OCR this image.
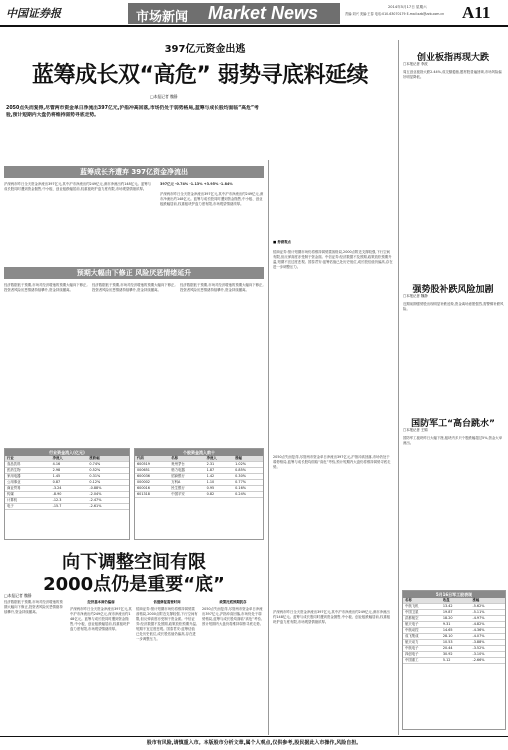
中国证券报	市场新闻 Market News	2014年5月17日 星期六
责编:刘兴 美编:王春 电话:010-63070179 E-mail:zzb@zzb.com.cn	A11
397亿元资金出逃
蓝筹成长双“高危” 弱势寻底料延续
□本报记者 魏静
2050点失而复得,尽管两市资金单日净流出397亿元,沪指冲高回落,市场仍处于弱势格局,蓝筹与成长股均面临“高危”考验,预计短期内大盘仍将维持弱势寻底走势。
蓝筹成长齐遭弃 397亿资金净流出
397亿元 -0.74% -1.13% +3.95% -1.84%
沪深两市昨日全天资金净流出397亿元,其中沪市净流出约249亿元,深市净流出约148亿元。蓝筹与成长股同时遭到资金抛售,中小板、创业板跌幅居前,权重板块护盘力度有限,市场观望情绪浓厚。
沪深两市昨日全天资金净流出397亿元,其中沪市净流出约249亿元,深市净流出约148亿元。蓝筹与成长股同时遭到资金抛售,中小板、创业板跌幅居前,权重板块护盘力度有限,市场观望情绪浓厚。
预期大幅由下修正 风险厌恶情绪延升
经济数据低于预期,市场对经济增速的预期大幅向下修正,投资者风险厌恶情绪持续攀升,资金持续撤离。
经济数据低于预期,市场对经济增速的预期大幅向下修正,投资者风险厌恶情绪持续攀升,资金持续撤离。
经济数据低于预期,市场对经济增速的预期大幅向下修正,投资者风险厌恶情绪持续攀升,资金持续撤离。
行业资金流入(亿元)
行业	净流入	涨跌幅
食品饮料	4.16	0.74%
医药生物	2.98	0.52%
家用电器	1.45	0.31%
公用事业	0.87	0.12%
商业贸易	-3.24	-0.88%
传媒	-8.90	-2.04%
计算机	-12.3	-2.47%
电子	-15.7	-2.61%
个股资金流入前十
代码	名称	净流入	涨幅
600519	贵州茅台	2.31	1.02%
000651	格力电器	1.87	0.85%
600036	招商银行	1.42	0.30%
000002	万科A	1.10	0.77%
600016	民生银行	0.95	0.16%
601318	中国平安	0.82	0.24%
向下调整空间有限
2000点仍是重要“底”
□本报记者 魏静
经济数据低于预期,市场对经济增速的预期大幅向下修正,投资者风险厌恶情绪持续攀升,资金持续撤离。
经济基本面仍偏弱
沪深两市昨日全天资金净流出397亿元,其中沪市净流出约249亿元,深市净流出约148亿元。蓝筹与成长股同时遭到资金抛售,中小板、创业板跌幅居前,权重板块护盘力度有限,市场观望情绪浓厚。
估值修复需要时间
招商证券:预计短期市场仍将维持弱势震荡格局,2000点附近支撑较强,下行空间有限,但反弹高度亦受制于资金面。中信证券:经济数据不及预期,政策放松预期升温,短期不宜过度悲观。国泰君安:蓝筹估值已处历史低位,成长股估值仍偏高,存在进一步调整压力。
政策托底预期犹存
2050点失而复得,尽管两市资金单日净流出397亿元,沪指冲高回落,市场仍处于弱势格局,蓝筹与成长股均面临“高危”考验,预计短期内大盘仍将维持弱势寻底走势。
■ 券商观点
招商证券:预计短期市场仍将维持弱势震荡格局,2000点附近支撑较强,下行空间有限,但反弹高度亦受制于资金面。中信证券:经济数据不及预期,政策放松预期升温,短期不宜过度悲观。国泰君安:蓝筹估值已处历史低位,成长股估值仍偏高,存在进一步调整压力。
2050点失而复得,尽管两市资金单日净流出397亿元,沪指冲高回落,市场仍处于弱势格局,蓝筹与成长股均面临“高危”考验,预计短期内大盘仍将维持弱势寻底走势。
沪深两市昨日全天资金净流出397亿元,其中沪市净流出约249亿元,深市净流出约148亿元。蓝筹与成长股同时遭到资金抛售,中小板、创业板跌幅居前,权重板块护盘力度有限,市场观望情绪浓厚。
创业板指再现大跌
□本报记者 李波
周五创业板指大跌2.44%,成交额萎缩,题材股普遍回调,市场风险偏好明显降低。
强势股补跌风险加剧
□本报记者 魏静
近期前期强势股出现明显补跌迹象,资金离场意愿强烈,需警惕补跌风险。
国防军工“高台跳水”
□本报记者 王锦
国防军工板块昨日大幅下挫,板块内多只个股跌幅超过5%,资金大举流出。
5月16日军工股表现
名称	收盘	涨幅
中航飞机	13.42	-5.62%
中国卫星	19.87	-5.11%
洪都航空	18.20	-4.97%
航天电子	9.31	-4.82%
中航动控	14.65	-4.36%
成飞集成	28.10	-4.07%
航天动力	10.53	-3.88%
中航电子	20.44	-3.52%
四创电子	30.92	-3.10%
中国重工	5.12	-2.66%
股市有风险,请慎重入市。本版股市分析文章,属个人观点,仅供参考,股民据此入市操作,风险自担。
